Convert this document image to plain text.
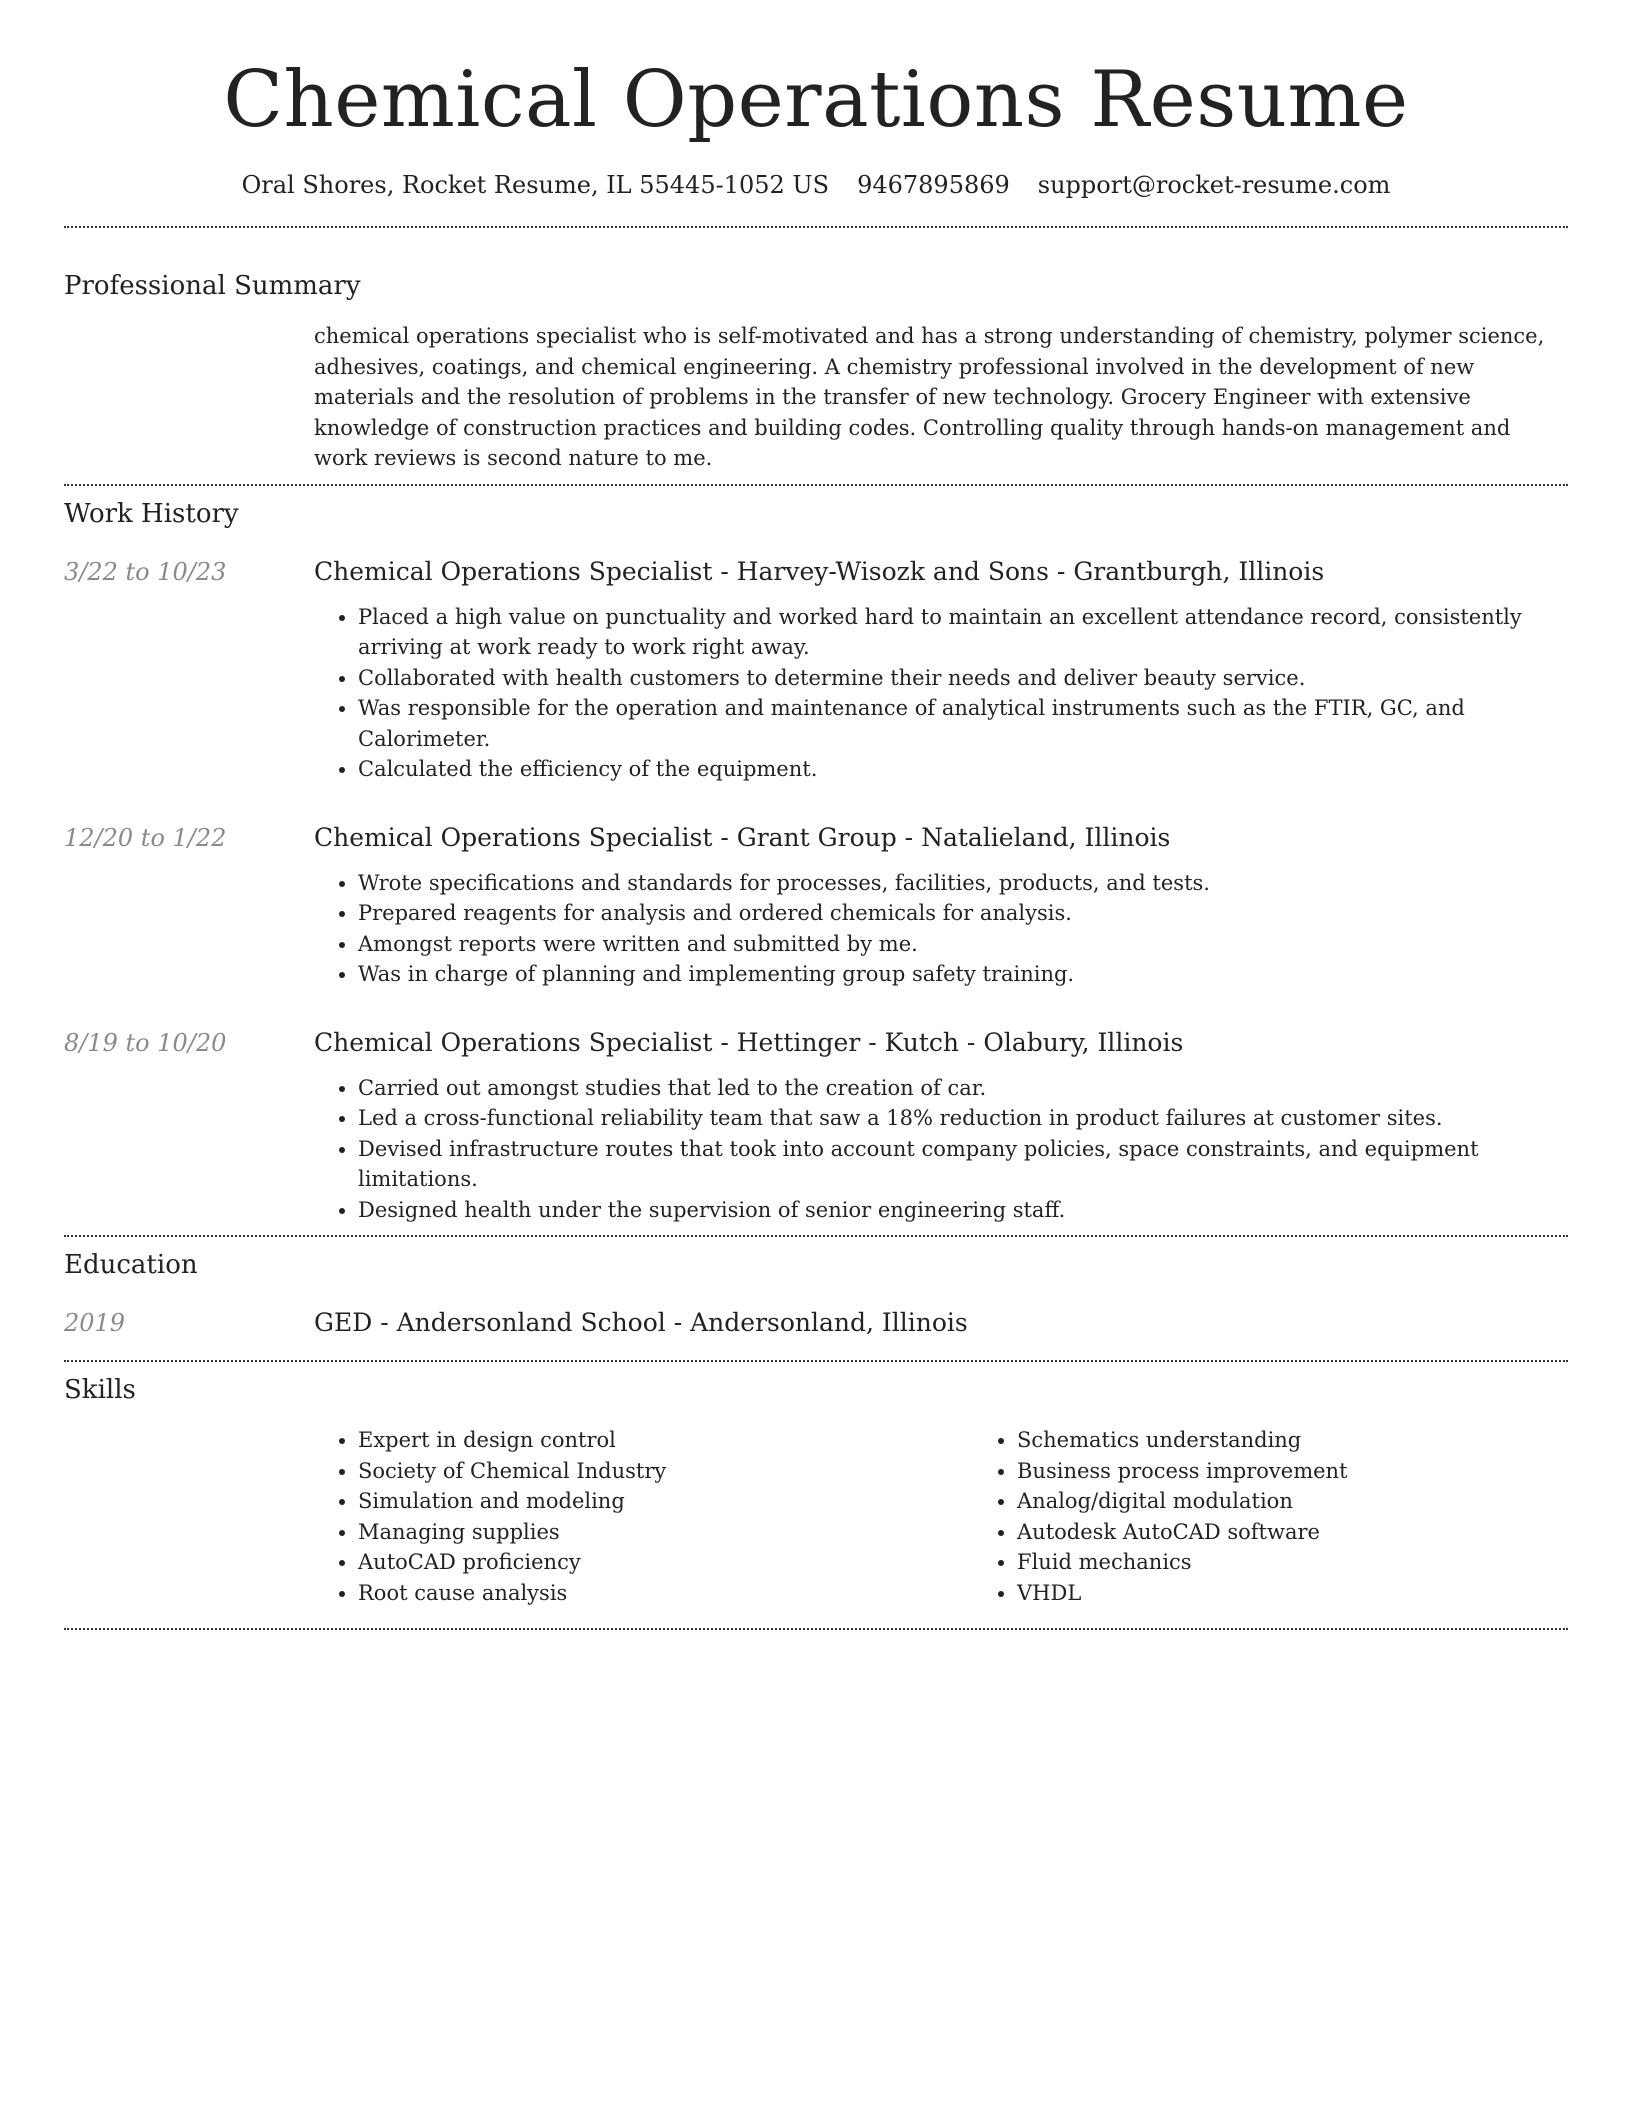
Chemical Operations Resume
Oral Shores, Rocket Resume, IL 55445-1052 US 9467895869 support@rocket-resume.com
Professional Summary
chemical operations specialist who is self-motivated and has a strong understanding of chemistry, polymer science, adhesives, coatings, and chemical engineering. A chemistry professional involved in the development of new materials and the resolution of problems in the transfer of new technology. Grocery Engineer with extensive knowledge of construction practices and building codes. Controlling quality through hands-on management and work reviews is second nature to me.
Work History
3/22 to 10/23	Chemical Operations Specialist - Harvey-Wisozk and Sons - Grantburgh, Illinois
• Placed a high value on punctuality and worked hard to maintain an excellent attendance record, consistently arriving at work ready to work right away.
• Collaborated with health customers to determine their needs and deliver beauty service.
• Was responsible for the operation and maintenance of analytical instruments such as the FTIR, GC, and Calorimeter.
• Calculated the efficiency of the equipment.
12/20 to 1/22	Chemical Operations Specialist - Grant Group - Natalieland, Illinois
• Wrote specifications and standards for processes, facilities, products, and tests.
• Prepared reagents for analysis and ordered chemicals for analysis.
• Amongst reports were written and submitted by me.
• Was in charge of planning and implementing group safety training.
8/19 to 10/20	Chemical Operations Specialist - Hettinger - Kutch - Olabury, Illinois
• Carried out amongst studies that led to the creation of car.
• Led a cross-functional reliability team that saw a 18% reduction in product failures at customer sites.
• Devised infrastructure routes that took into account company policies, space constraints, and equipment limitations.
• Designed health under the supervision of senior engineering staff.
Education
2019	GED - Andersonland School - Andersonland, Illinois
Skills
• Expert in design control
• Society of Chemical Industry
• Simulation and modeling
• Managing supplies
• AutoCAD proficiency
• Root cause analysis
• Schematics understanding
• Business process improvement
• Analog/digital modulation
• Autodesk AutoCAD software
• Fluid mechanics
• VHDL
